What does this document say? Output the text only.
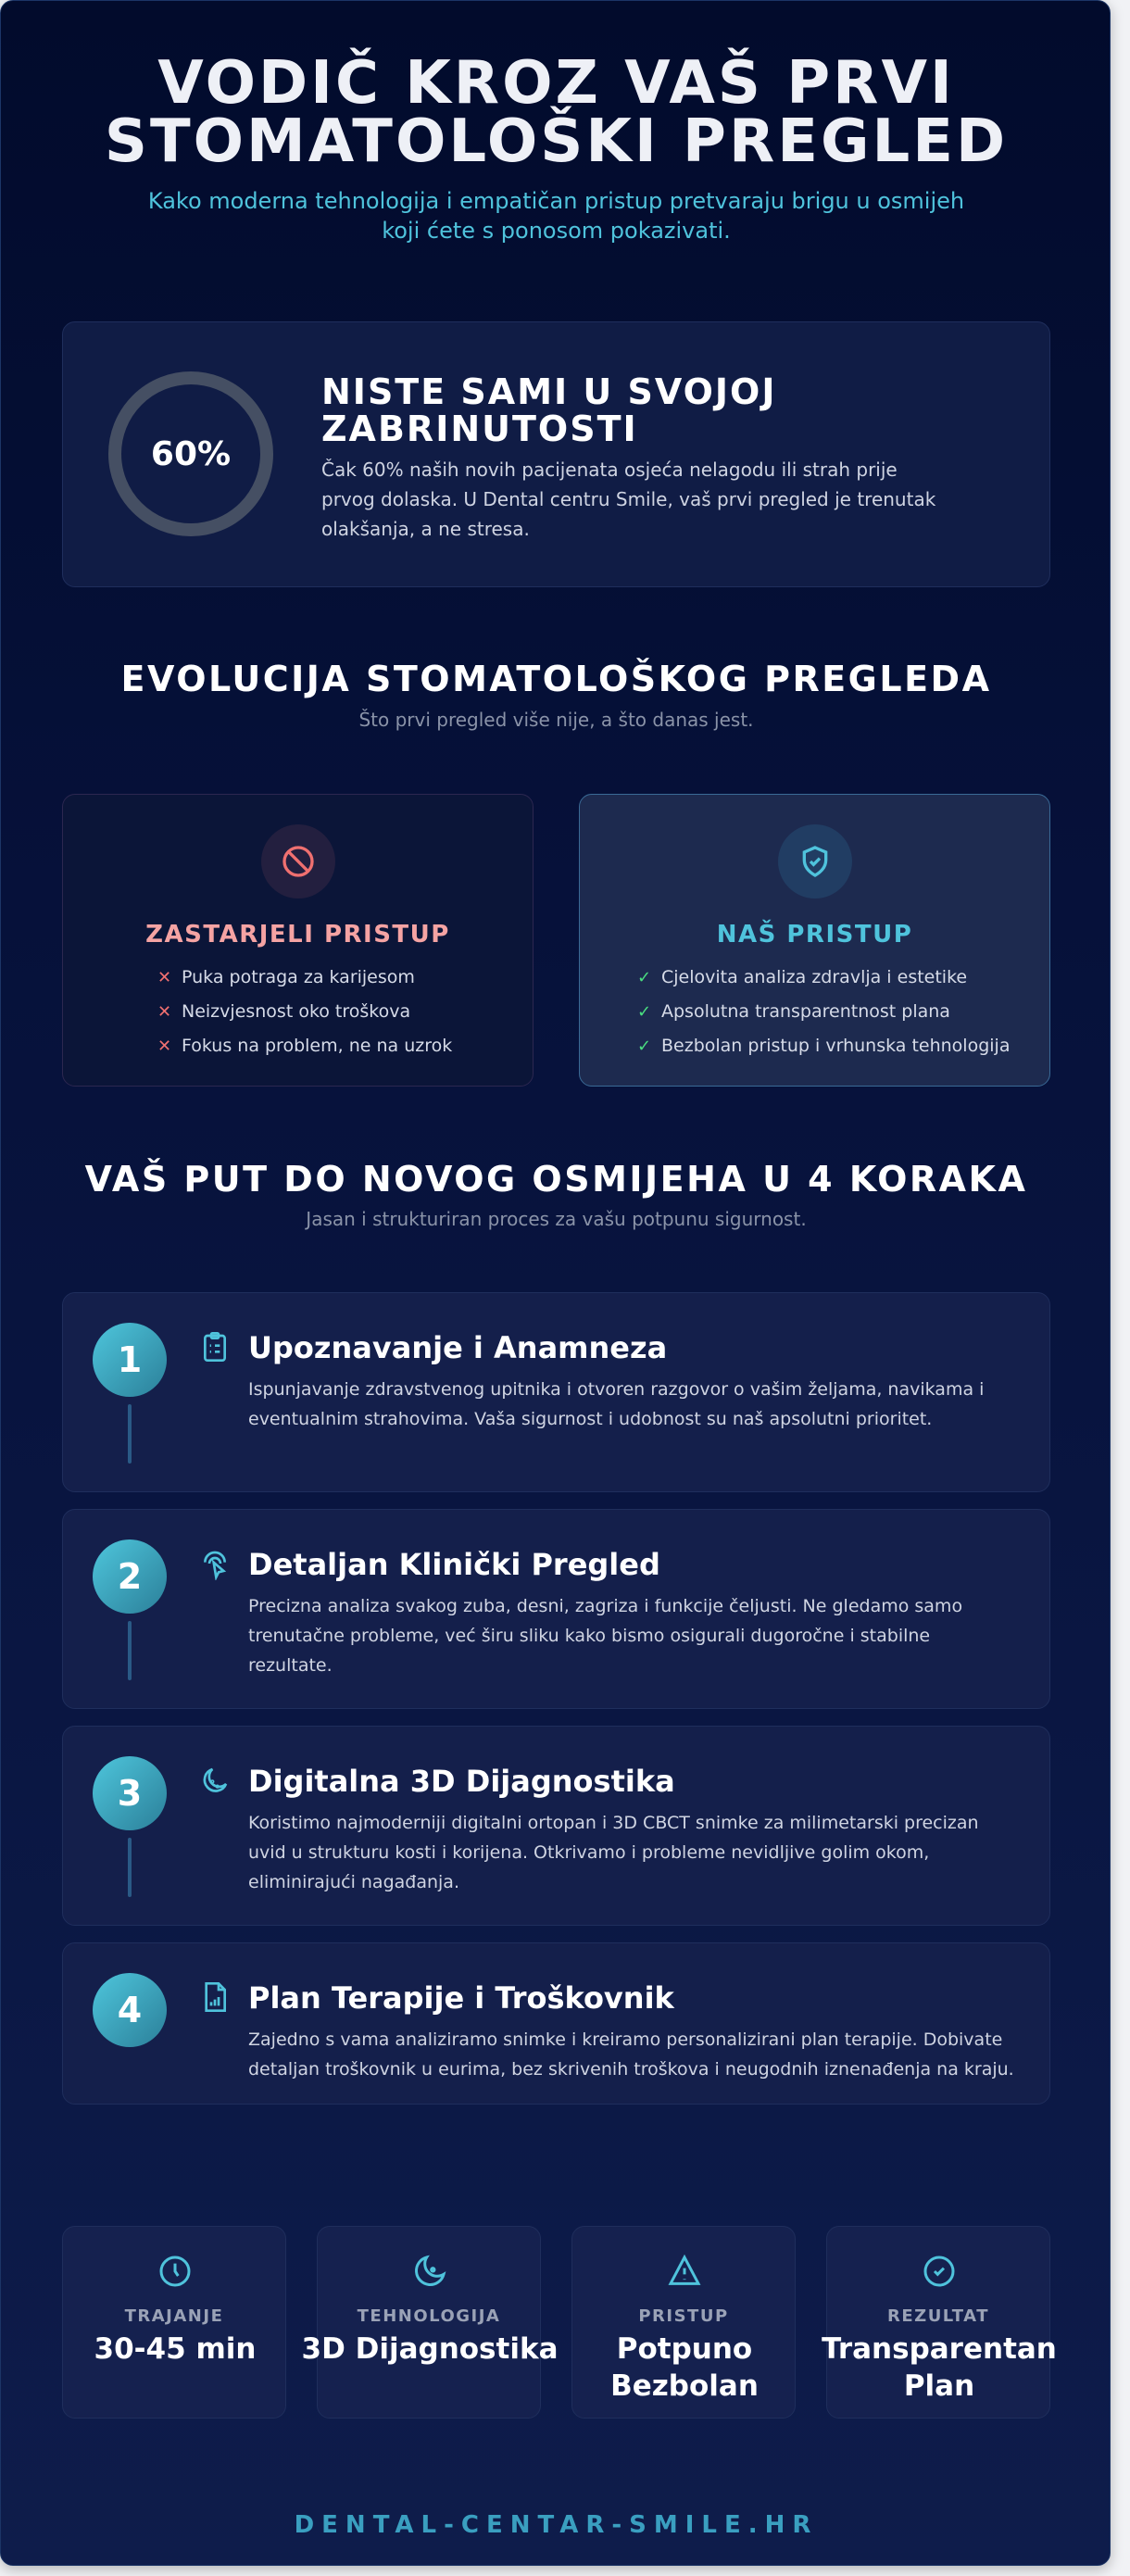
VODIČ KROZ VAŠ PRVI
STOMATOLOŠKI PREGLED
Kako moderna tehnologija i empatičan pristup pretvaraju brigu u osmijeh koji ćete s ponosom pokazivati.
60%
NISTE SAMI U SVOJOJ ZABRINUTOSTI
Čak 60% naših novih pacijenata osjeća nelagodu ili strah prije prvog dolaska. U Dental centru Smile, vaš prvi pregled je trenutak olakšanja, a ne stresa.
EVOLUCIJA STOMATOLOŠKOG PREGLEDA
Što prvi pregled više nije, a što danas jest.
ZASTARJELI PRISTUP
✕ Puka potraga za karijesom
✕ Neizvjesnost oko troškova
✕ Fokus na problem, ne na uzrok
NAŠ PRISTUP
✓ Cjelovita analiza zdravlja i estetike
✓ Apsolutna transparentnost plana
✓ Bezbolan pristup i vrhunska tehnologija
VAŠ PUT DO NOVOG OSMIJEHA U 4 KORAKA
Jasan i strukturiran proces za vašu potpunu sigurnost.
1	Upoznavanje i Anamneza
Ispunjavanje zdravstvenog upitnika i otvoren razgovor o vašim željama, navikama i eventualnim strahovima. Vaša sigurnost i udobnost su naš apsolutni prioritet.
2	Detaljan Klinički Pregled
Precizna analiza svakog zuba, desni, zagriza i funkcije čeljusti. Ne gledamo samo trenutačne probleme, već širu sliku kako bismo osigurali dugoročne i stabilne rezultate.
3	Digitalna 3D Dijagnostika
Koristimo najmoderniji digitalni ortopan i 3D CBCT snimke za milimetarski precizan uvid u strukturu kosti i korijena. Otkrivamo i probleme nevidljive golim okom, eliminirajući nagađanja.
4	Plan Terapije i Troškovnik
Zajedno s vama analiziramo snimke i kreiramo personalizirani plan terapije. Dobivate detaljan troškovnik u eurima, bez skrivenih troškova i neugodnih iznenađenja na kraju.
TRAJANJE
30-45 min
TEHNOLOGIJA
3D Dijagnostika
PRISTUP
Potpuno Bezbolan
REZULTAT
Transparentan Plan
DENTAL-CENTAR-SMILE.HR
